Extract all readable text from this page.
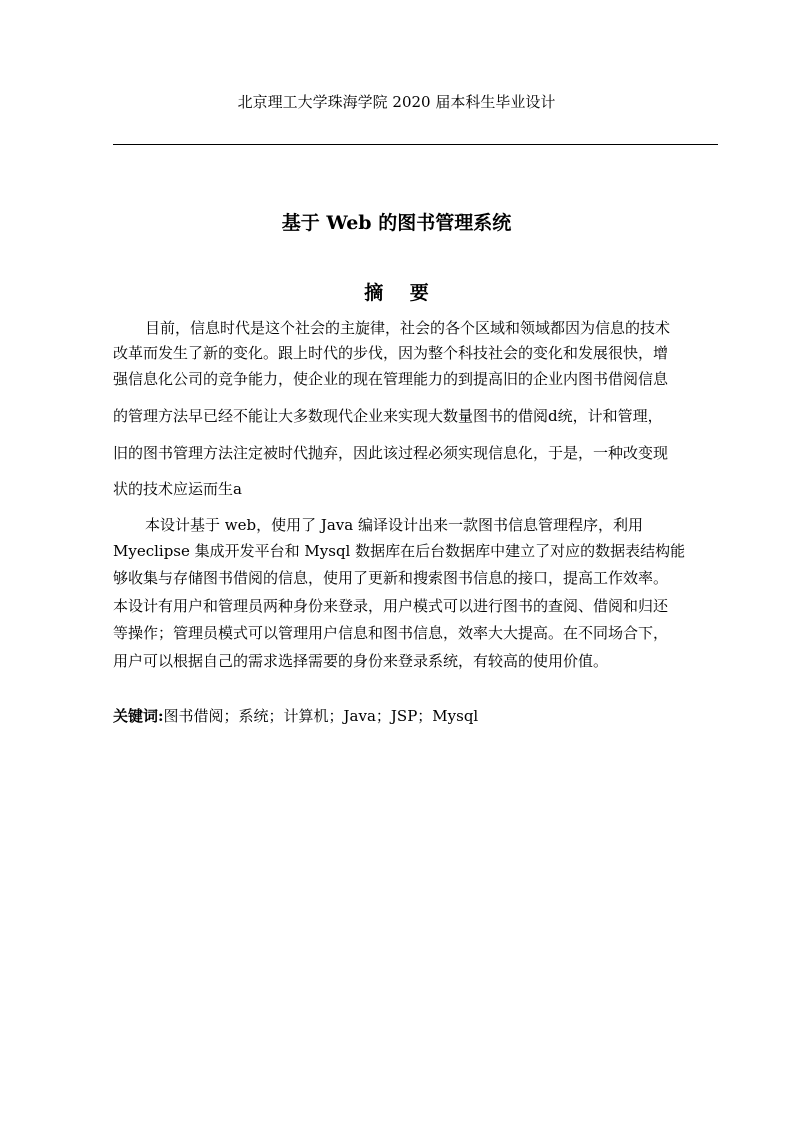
北京理工大学珠海学院 2020 届本科生毕业设计
基于 Web 的图书管理系统
摘 要
目前，信息时代是这个社会的主旋律，社会的各个区域和领域都因为信息的技术
改革而发生了新的变化。跟上时代的步伐，因为整个科技社会的变化和发展很快，增
强信息化公司的竞争能力，使企业的现在管理能力的到提高旧的企业内图书借阅信息
的管理方法早已经不能让大多数现代企业来实现大数量图书的借阅d统，计和管理，
旧的图书管理方法注定被时代抛弃，因此该过程必须实现信息化，于是，一种改变现
状的技术应运而生a
本设计基于 web，使用了 Java 编译设计出来一款图书信息管理程序，利用
Myeclipse 集成开发平台和 Mysql 数据库在后台数据库中建立了对应的数据表结构能
够收集与存储图书借阅的信息，使用了更新和搜索图书信息的接口，提高工作效率。
本设计有用户和管理员两种身份来登录，用户模式可以进行图书的查阅、借阅和归还
等操作；管理员模式可以管理用户信息和图书信息，效率大大提高。在不同场合下，
用户可以根据自己的需求选择需要的身份来登录系统，有较高的使用价值。
关键词:图书借阅；系统；计算机；Java；JSP；Mysql
